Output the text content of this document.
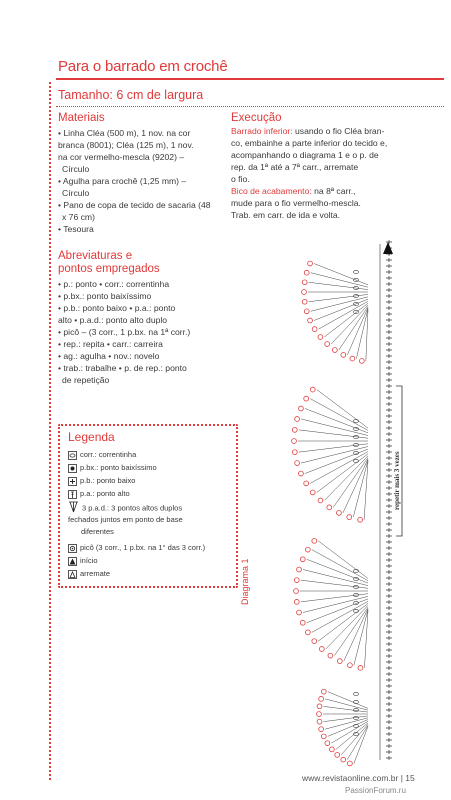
Para o barrado em crochê
Tamanho: 6 cm de largura
Materiais
• Linha Cléa (500 m), 1 nov. na cor
branca (8001); Cléa (125 m), 1 nov.
na cor vermelho-mescla (9202) –
Círculo
• Agulha para crochê (1,25 mm) –
Círculo
• Pano de copa de tecido de sacaria (48
x 76 cm)
• Tesoura
Abreviaturas e
pontos empregados
• p.: ponto • corr.: correntinha
• p.bx.: ponto baixíssimo
• p.b.: ponto baixo • p.a.: ponto
alto • p.a.d.: ponto alto duplo
• picô – (3 corr., 1 p.bx. na 1ª corr.)
• rep.: repita • carr.: carreira
• ag.: agulha • nov.: novelo
• trab.: trabalhe • p. de rep.: ponto
de repetição
Execução
Barrado inferior: usando o fio Cléa bran-
co, embainhe a parte inferior do tecido e,
acompanhando o diagrama 1 e o p. de
rep. da 1ª até a 7ª carr., arremate
o fio.
Bico de acabamento: na 8ª carr.,
mude para o fio vermelho-mescla.
Trab. em carr. de ida e volta.
Legenda
corr.: correntinha
p.bx.: ponto baixíssimo
p.b.: ponto baixo
p.a.: ponto alto
3 p.a.d.: 3 pontos altos duplos
fechados juntos em ponto de base
diferentes
picô (3 corr., 1 p.bx. na 1° das 3 corr.)
início
arremate	Diagrama 1
repetir mais 3 vezes
www.revistaonline.com.br | 15
PassionForum.ru
